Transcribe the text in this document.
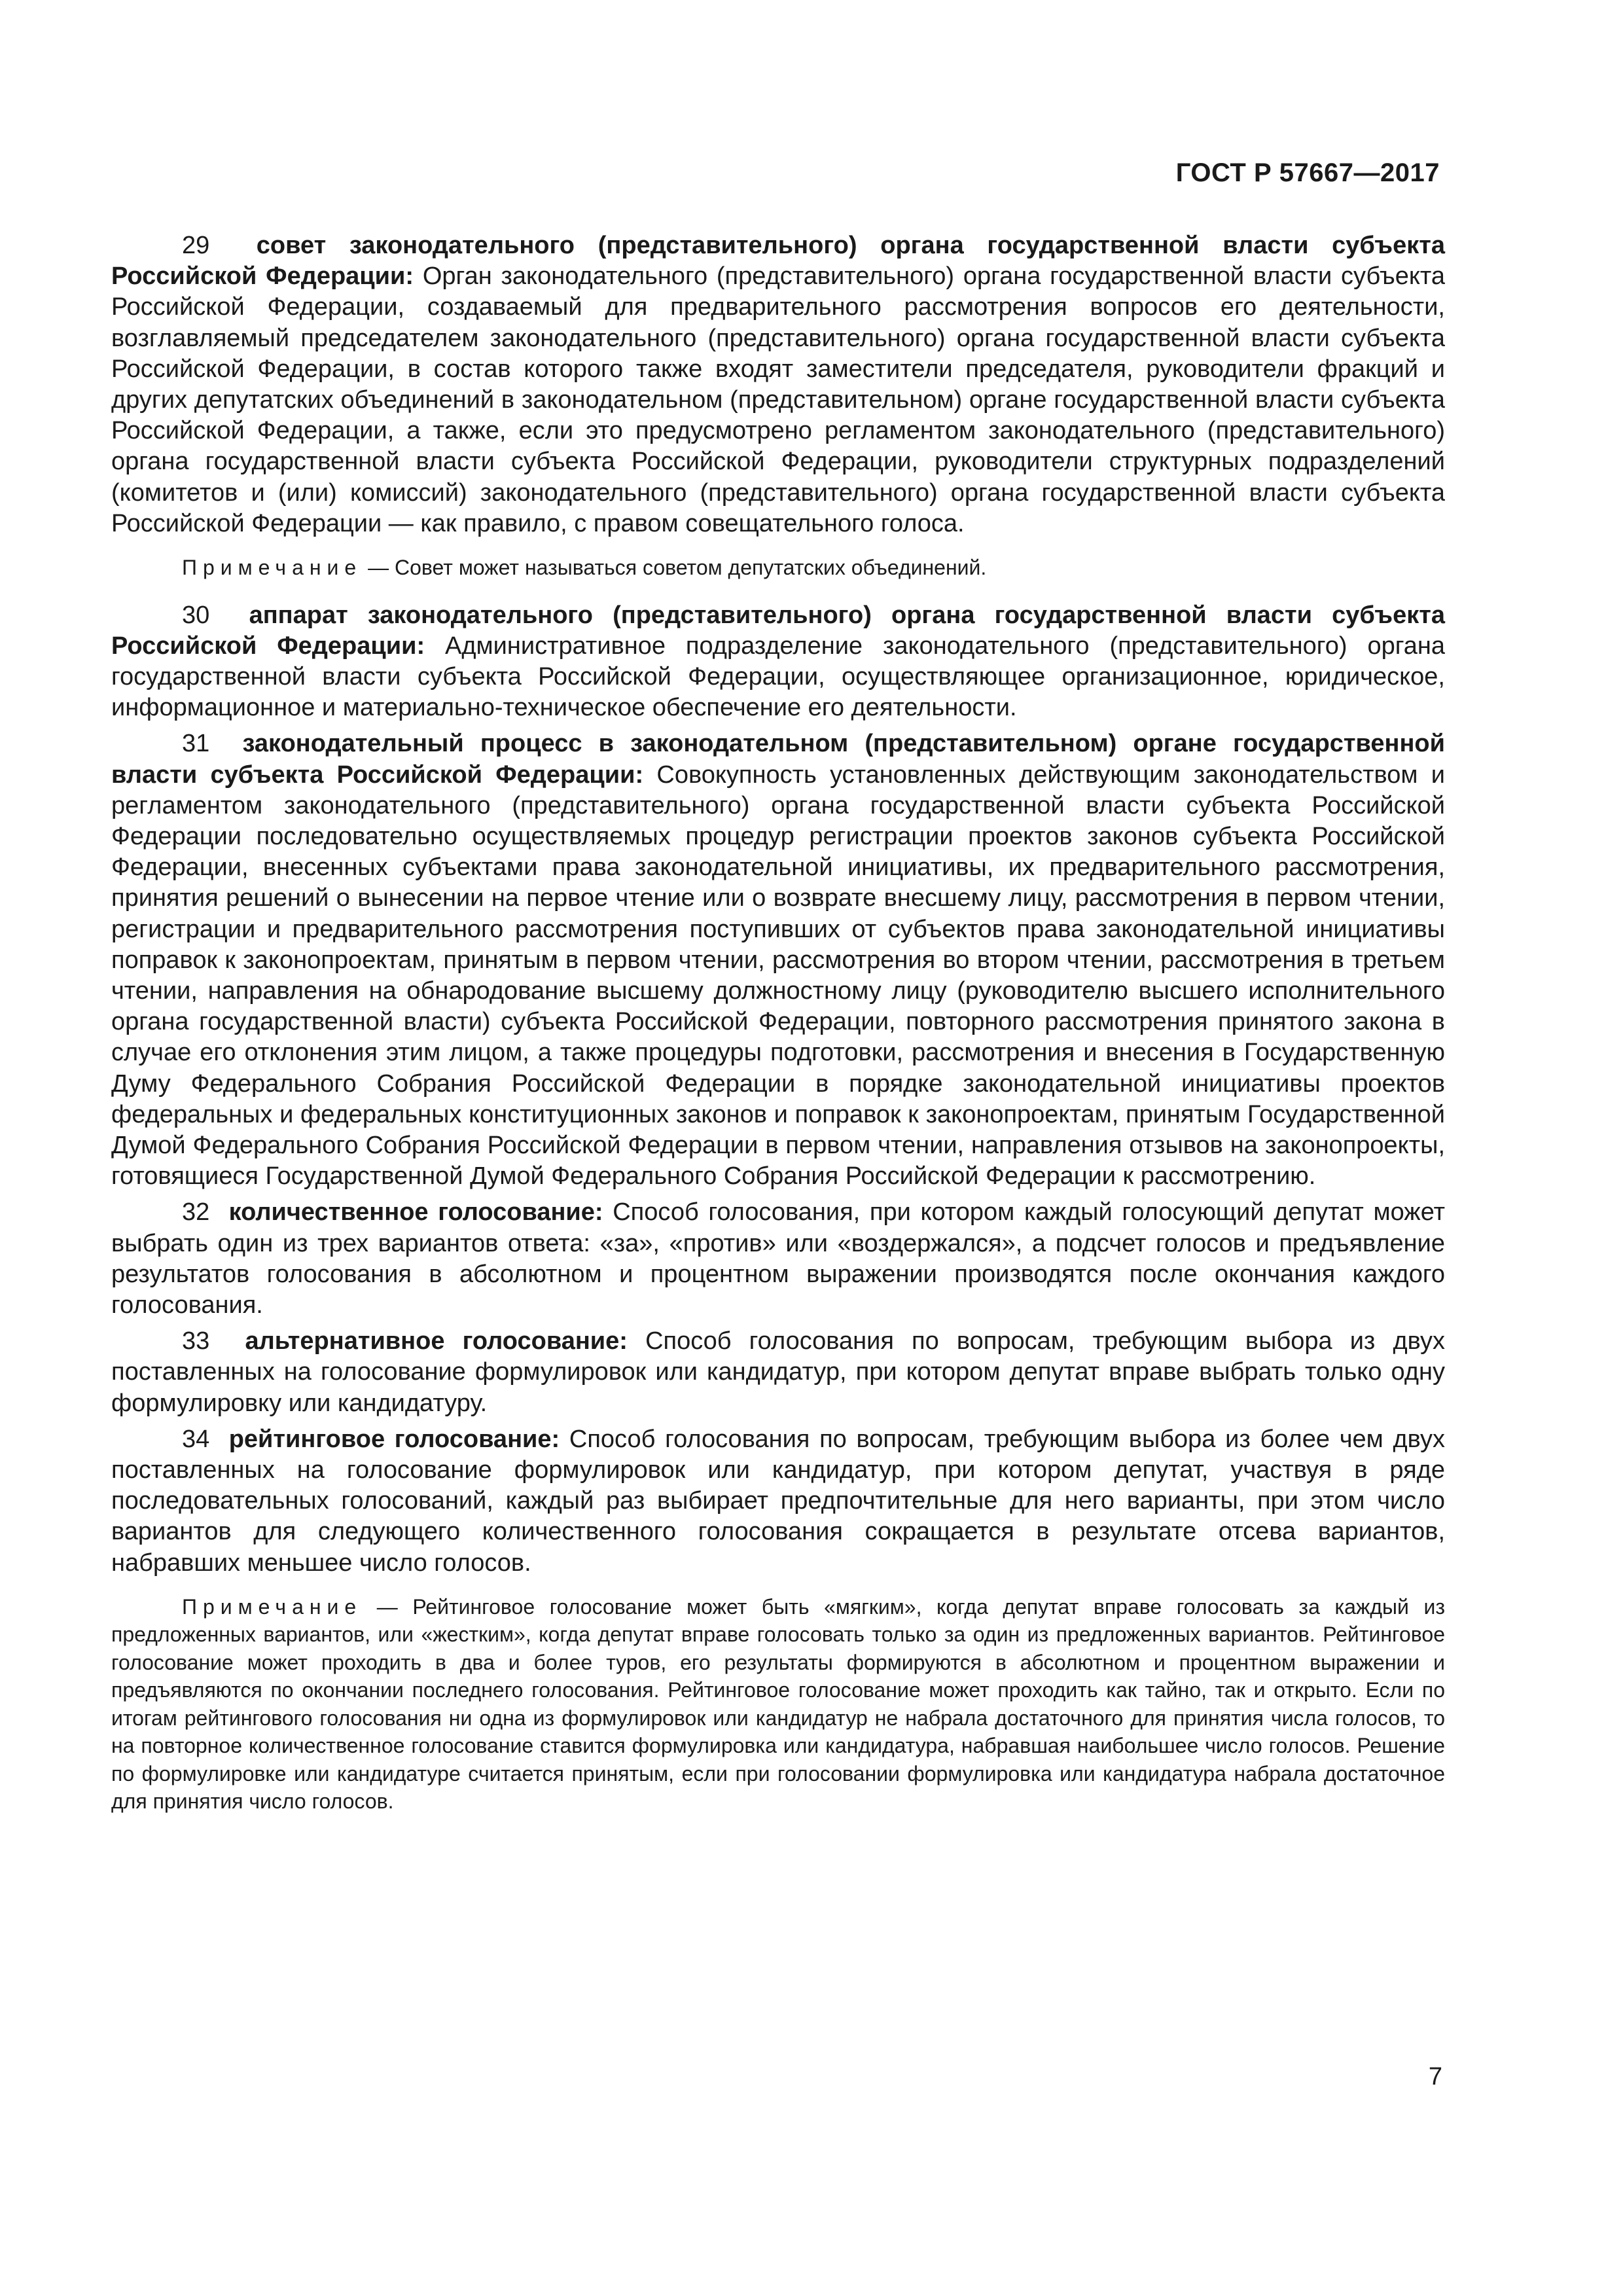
ГОСТ Р 57667—2017

29 совет законодательного (представительного) органа государственной власти субъекта Российской Федерации: Орган законодательного (представительного) органа государственной власти субъекта Российской Федерации, создаваемый для предварительного рассмотрения вопросов его деятельности, возглавляемый председателем законодательного (представительного) органа государственной власти субъекта Российской Федерации, в состав которого также входят заместители председателя, руководители фракций и других депутатских объединений в законодательном (представительном) органе государственной власти субъекта Российской Федерации, а также, если это предусмотрено регламентом законодательного (представительного) органа государственной власти субъекта Российской Федерации, руководители структурных подразделений (комитетов и (или) комиссий) законодательного (представительного) органа государственной власти субъекта Российской Федерации — как правило, с правом совещательного голоса.

Примечание — Совет может называться советом депутатских объединений.

30 аппарат законодательного (представительного) органа государственной власти субъекта Российской Федерации: Административное подразделение законодательного (представительного) органа государственной власти субъекта Российской Федерации, осуществляющее организационное, юридическое, информационное и материально-техническое обеспечение его деятельности.

31 законодательный процесс в законодательном (представительном) органе государственной власти субъекта Российской Федерации: Совокупность установленных действующим законодательством и регламентом законодательного (представительного) органа государственной власти субъекта Российской Федерации последовательно осуществляемых процедур регистрации проектов законов субъекта Российской Федерации, внесенных субъектами права законодательной инициативы, их предварительного рассмотрения, принятия решений о вынесении на первое чтение или о возврате внесшему лицу, рассмотрения в первом чтении, регистрации и предварительного рассмотрения поступивших от субъектов права законодательной инициативы поправок к законопроектам, принятым в первом чтении, рассмотрения во втором чтении, рассмотрения в третьем чтении, направления на обнародование высшему должностному лицу (руководителю высшего исполнительного органа государственной власти) субъекта Российской Федерации, повторного рассмотрения принятого закона в случае его отклонения этим лицом, а также процедуры подготовки, рассмотрения и внесения в Государственную Думу Федерального Собрания Российской Федерации в порядке законодательной инициативы проектов федеральных и федеральных конституционных законов и поправок к законопроектам, принятым Государственной Думой Федерального Собрания Российской Федерации в первом чтении, направления отзывов на законопроекты, готовящиеся Государственной Думой Федерального Собрания Российской Федерации к рассмотрению.

32 количественное голосование: Способ голосования, при котором каждый голосующий депутат может выбрать один из трех вариантов ответа: «за», «против» или «воздержался», а подсчет голосов и предъявление результатов голосования в абсолютном и процентном выражении производятся после окончания каждого голосования.

33 альтернативное голосование: Способ голосования по вопросам, требующим выбора из двух поставленных на голосование формулировок или кандидатур, при котором депутат вправе выбрать только одну формулировку или кандидатуру.

34 рейтинговое голосование: Способ голосования по вопросам, требующим выбора из более чем двух поставленных на голосование формулировок или кандидатур, при котором депутат, участвуя в ряде последовательных голосований, каждый раз выбирает предпочтительные для него варианты, при этом число вариантов для следующего количественного голосования сокращается в результате отсева вариантов, набравших меньшее число голосов.

Примечание — Рейтинговое голосование может быть «мягким», когда депутат вправе голосовать за каждый из предложенных вариантов, или «жестким», когда депутат вправе голосовать только за один из предложенных вариантов. Рейтинговое голосование может проходить в два и более туров, его результаты формируются в абсолютном и процентном выражении и предъявляются по окончании последнего голосования. Рейтинговое голосование может проходить как тайно, так и открыто. Если по итогам рейтингового голосования ни одна из формулировок или кандидатур не набрала достаточного для принятия числа голосов, то на повторное количественное голосование ставится формулировка или кандидатура, набравшая наибольшее число голосов. Решение по формулировке или кандидатуре считается принятым, если при голосовании формулировка или кандидатура набрала достаточное для принятия число голосов.

7
